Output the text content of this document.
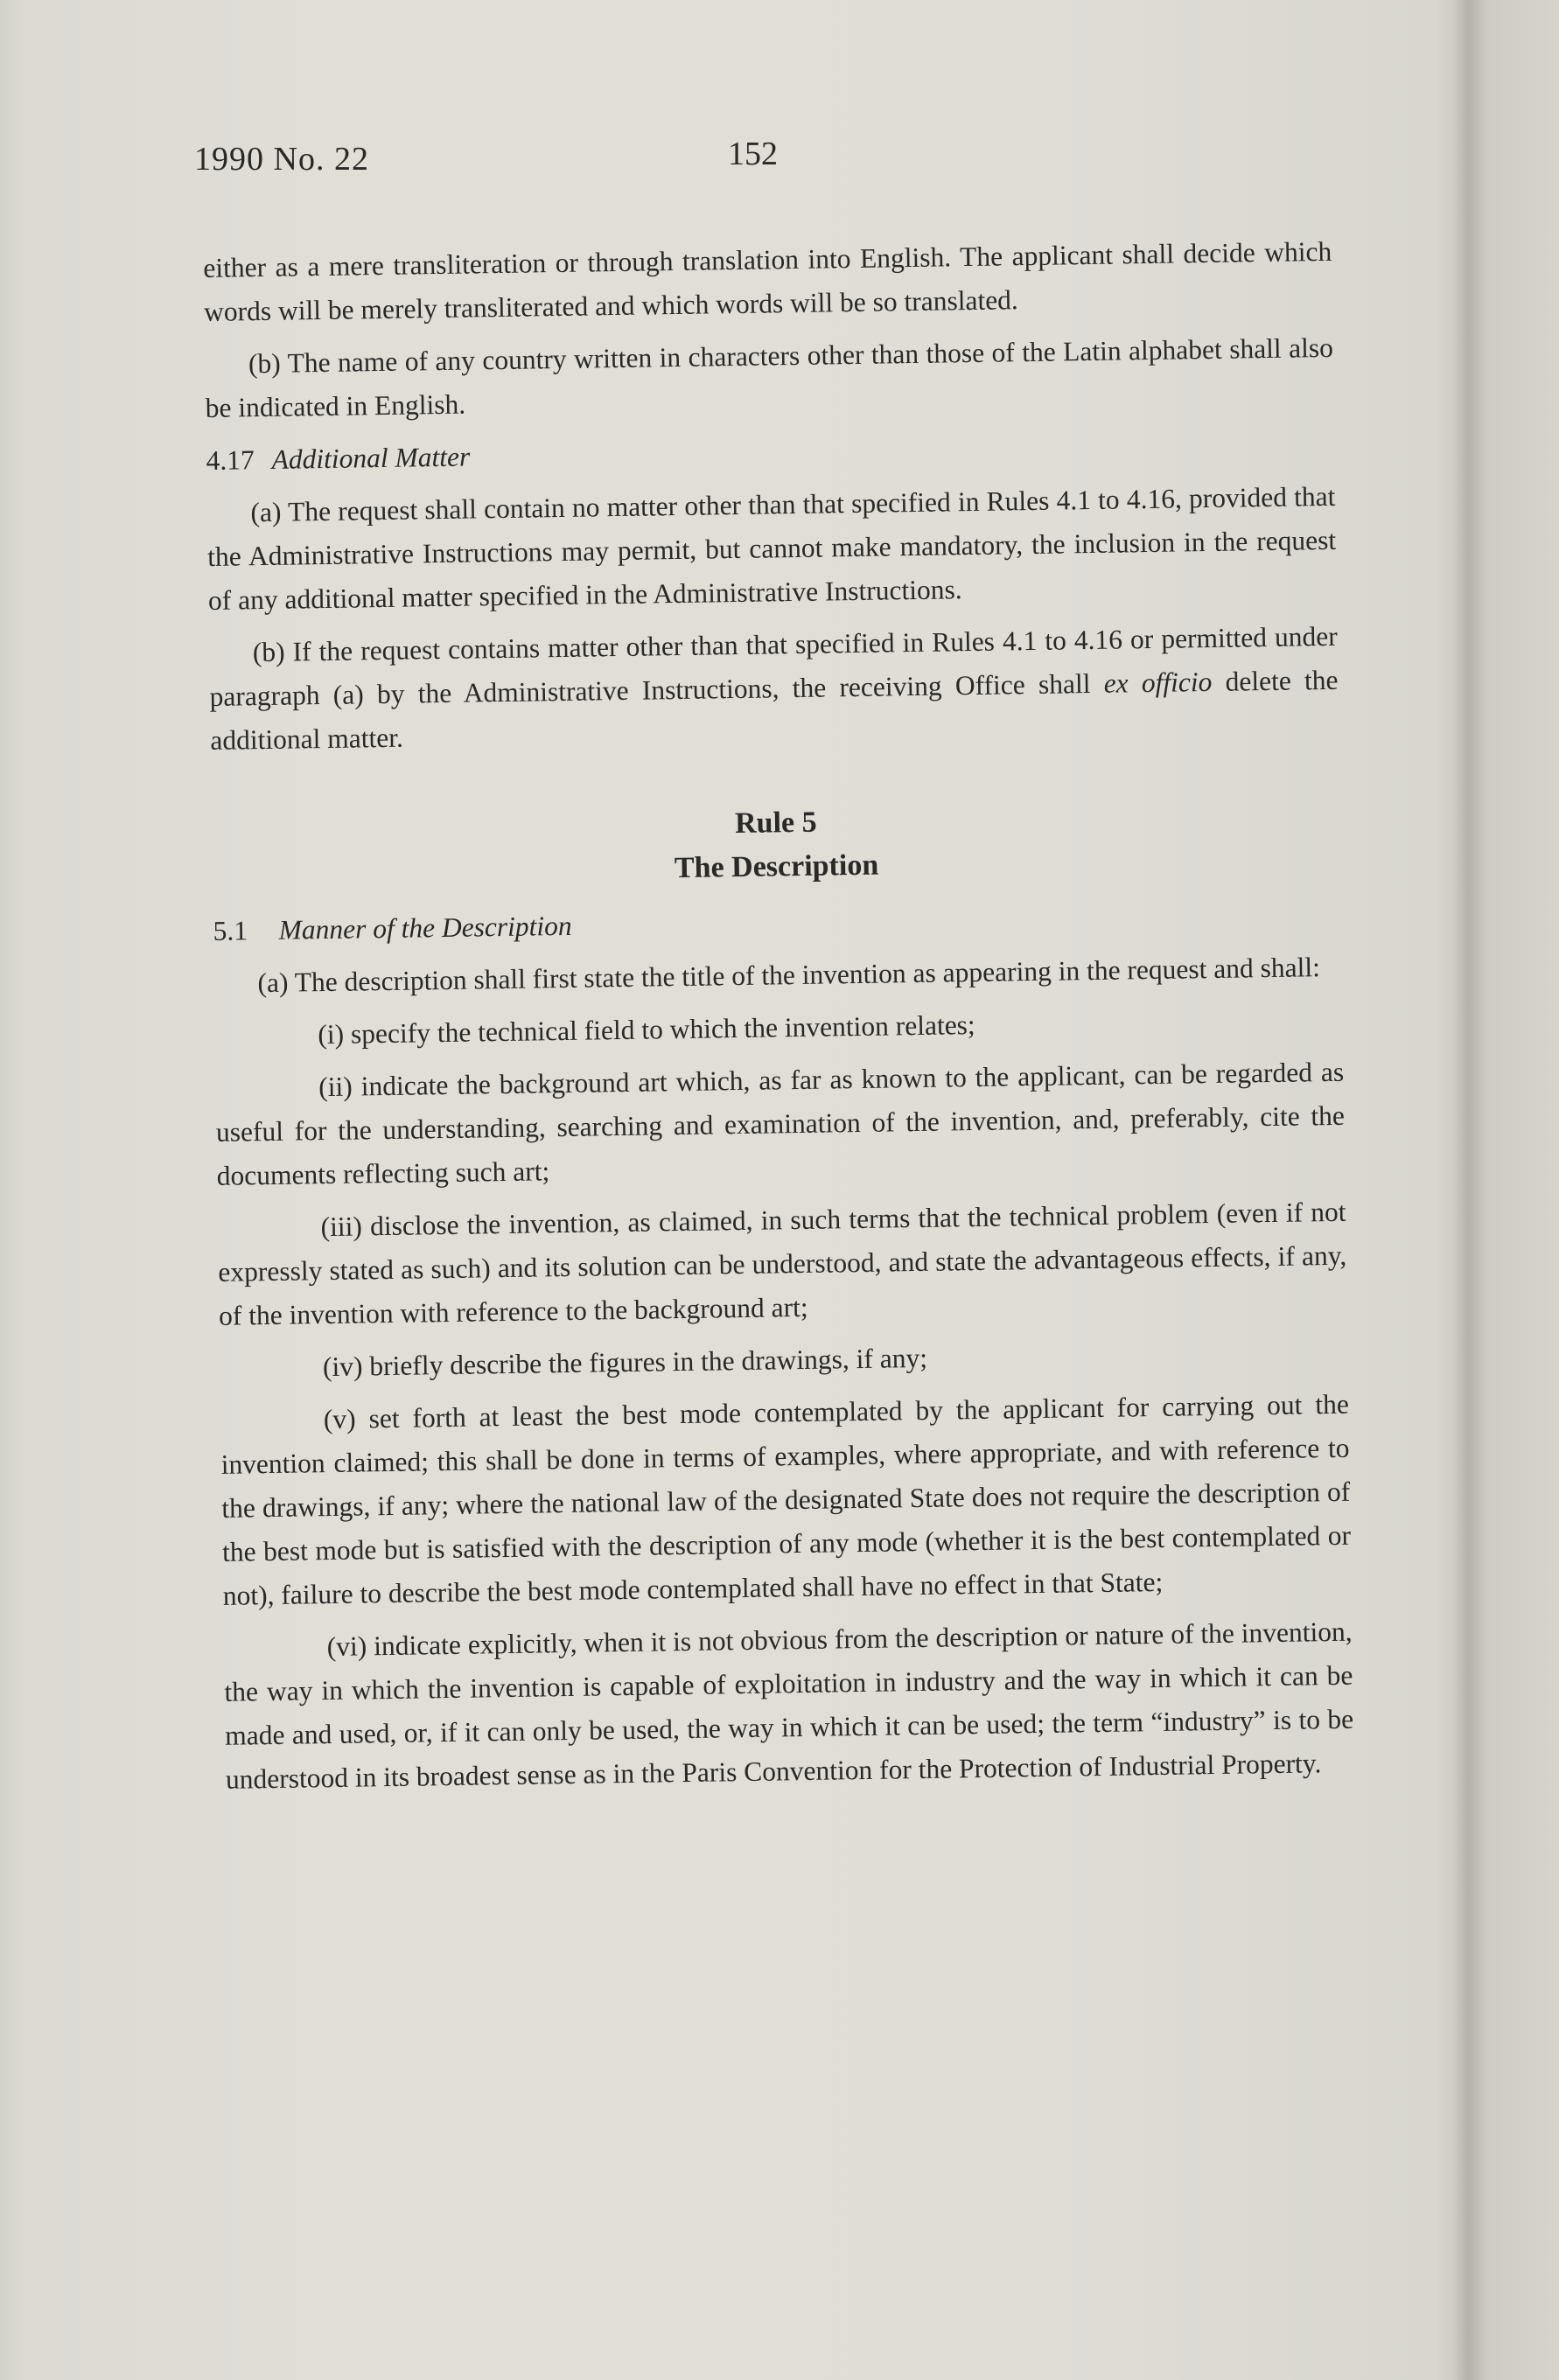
1990 No. 22	152

either as a mere transliteration or through translation into English. The applicant shall decide which words will be merely transliterated and which words will be so translated.

(b) The name of any country written in characters other than those of the Latin alphabet shall also be indicated in English.

4.17 Additional Matter

(a) The request shall contain no matter other than that specified in Rules 4.1 to 4.16, provided that the Administrative Instructions may permit, but cannot make mandatory, the inclusion in the request of any additional matter specified in the Administrative Instructions.

(b) If the request contains matter other than that specified in Rules 4.1 to 4.16 or permitted under paragraph (a) by the Administrative Instructions, the receiving Office shall ex officio delete the additional matter.

Rule 5

The Description

5.1	Manner of the Description

(a) The description shall first state the title of the invention as appearing in the request and shall:

(i) specify the technical field to which the invention relates;

(ii) indicate the background art which, as far as known to the applicant, can be regarded as useful for the understanding, searching and examination of the invention, and, preferably, cite the documents reflecting such art;

(iii) disclose the invention, as claimed, in such terms that the technical problem (even if not expressly stated as such) and its solution can be understood, and state the advantageous effects, if any, of the invention with reference to the background art;

(iv) briefly describe the figures in the drawings, if any;

(v) set forth at least the best mode contemplated by the applicant for carrying out the invention claimed; this shall be done in terms of examples, where appropriate, and with reference to the drawings, if any; where the national law of the designated State does not require the description of the best mode but is satisfied with the description of any mode (whether it is the best contemplated or not), failure to describe the best mode contemplated shall have no effect in that State;

(vi) indicate explicitly, when it is not obvious from the description or nature of the invention, the way in which the invention is capable of exploitation in industry and the way in which it can be made and used, or, if it can only be used, the way in which it can be used; the term “industry” is to be understood in its broadest sense as in the Paris Convention for the Protection of Industrial Property.
